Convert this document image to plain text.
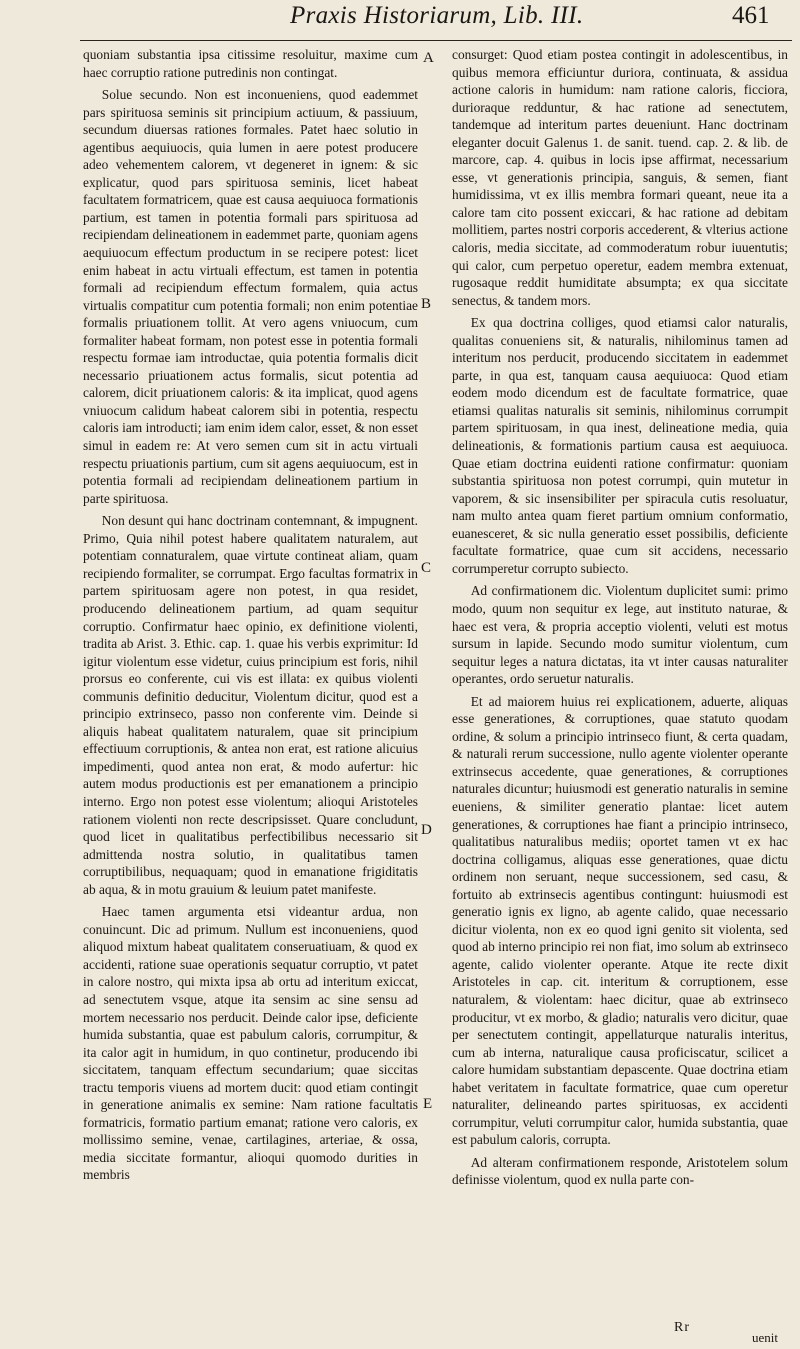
Praxis Historiarum, Lib. III.	461

quoniam substantia ipsa citissime resoluitur, maxime cum haec corruptio ratione putredinis non contingat.

Solue secundo. Non est inconueniens, quod eademmet pars spirituosa seminis sit principium actiuum, & passiuum, secundum diuersas rationes formales. Patet haec solutio in agentibus aequiuocis, quia lumen in aere potest producere adeo vehementem calorem, vt degeneret in ignem: & sic explicatur, quod pars spirituosa seminis, licet habeat facultatem formatricem, quae est causa aequiuoca formationis partium, est tamen in potentia formali pars spirituosa ad recipiendam delineationem in eademmet parte, quoniam agens aequiuocum effectum productum in se recipere potest: licet enim habeat in actu virtuali effectum, est tamen in potentia formali ad recipiendum effectum formalem, quia actus virtualis compatitur cum potentia formali; non enim potentiae formalis priuationem tollit. At vero agens vniuocum, cum formaliter habeat formam, non potest esse in potentia formali respectu formae iam introductae, quia potentia formalis dicit necessario priuationem actus formalis, sicut potentia ad calorem, dicit priuationem caloris: & ita implicat, quod agens vniuocum calidum habeat calorem sibi in potentia, respectu caloris iam introducti; iam enim idem calor, esset, & non esset simul in eadem re: At vero semen cum sit in actu virtuali respectu priuationis partium, cum sit agens aequiuocum, est in potentia formali ad recipiendam delineationem partium in parte spirituosa.

Non desunt qui hanc doctrinam contemnant, & impugnent. Primo, Quia nihil potest habere qualitatem naturalem, aut potentiam connaturalem, quae virtute contineat aliam, quam recipiendo formaliter, se corrumpat. Ergo facultas formatrix in partem spirituosam agere non potest, in qua residet, producendo delineationem partium, ad quam sequitur corruptio. Confirmatur haec opinio, ex definitione violenti, tradita ab Arist. 3. Ethic. cap. 1. quae his verbis exprimitur: Id igitur violentum esse videtur, cuius principium est foris, nihil prorsus eo conferente, cui vis est illata: ex quibus violenti communis definitio deducitur, Violentum dicitur, quod est a principio extrinseco, passo non conferente vim. Deinde si aliquis habeat qualitatem naturalem, quae sit principium effectiuum corruptionis, & antea non erat, est ratione alicuius impedimenti, quod antea non erat, & modo aufertur: hic autem modus productionis est per emanationem a principio interno. Ergo non potest esse violentum; alioqui Aristoteles rationem violenti non recte descripsisset. Quare concludunt, quod licet in qualitatibus perfectibilibus necessario sit admittenda nostra solutio, in qualitatibus tamen corruptibilibus, nequaquam; quod in emanatione frigiditatis ab aqua, & in motu grauium & leuium patet manifeste.

Haec tamen argumenta etsi videantur ardua, non conuincunt. Dic ad primum. Nullum est inconueniens, quod aliquod mixtum habeat qualitatem conseruatiuam, & quod ex accidenti, ratione suae operationis sequatur corruptio, vt patet in calore nostro, qui mixta ipsa ab ortu ad interitum exiccat, ad senectutem vsque, atque ita sensim ac sine sensu ad mortem necessario nos perducit. Deinde calor ipse, deficiente humida substantia, quae est pabulum caloris, corrumpitur, & ita calor agit in humidum, in quo continetur, producendo ibi siccitatem, tanquam effectum secundarium; quae siccitas tractu temporis viuens ad mortem ducit: quod etiam contingit in generatione animalis ex semine: Nam ratione facultatis formatricis, formatio partium emanat; ratione vero caloris, ex mollissimo semine, venae, cartilagines, arteriae, & ossa, media siccitate formantur, alioqui quomodo durities in membris

A
B
C
D
E

consurget: Quod etiam postea contingit in adolescentibus, in quibus memora efficiuntur duriora, continuata, & assidua actione caloris in humidum: nam ratione caloris, ficciora, durioraque redduntur, & hac ratione ad senectutem, tandemque ad interitum partes deueniunt. Hanc doctrinam eleganter docuit Galenus 1. de sanit. tuend. cap. 2. & lib. de marcore, cap. 4. quibus in locis ipse affirmat, necessarium esse, vt generationis principia, sanguis, & semen, fiant humidissima, vt ex illis membra formari queant, neue ita a calore tam cito possent exiccari, & hac ratione ad debitam mollitiem, partes nostri corporis accederent, & vlterius actione caloris, media siccitate, ad commoderatum robur iuuentutis; qui calor, cum perpetuo operetur, eadem membra extenuat, rugosaque reddit humiditate absumpta; ex qua siccitate senectus, & tandem mors.

Ex qua doctrina colliges, quod etiamsi calor naturalis, qualitas conueniens sit, & naturalis, nihilominus tamen ad interitum nos perducit, producendo siccitatem in eademmet parte, in qua est, tanquam causa aequiuoca: Quod etiam eodem modo dicendum est de facultate formatrice, quae etiamsi qualitas naturalis sit seminis, nihilominus corrumpit partem spirituosam, in qua inest, delineatione media, quia delineationis, & formationis partium causa est aequiuoca. Quae etiam doctrina euidenti ratione confirmatur: quoniam substantia spirituosa non potest corrumpi, quin mutetur in vaporem, & sic insensibiliter per spiracula cutis resoluatur, nam multo antea quam fieret partium omnium conformatio, euanesceret, & sic nulla generatio esset possibilis, deficiente facultate formatrice, quae cum sit accidens, necessario corrumperetur corrupto subiecto.

Ad confirmationem dic. Violentum duplicitet sumi: primo modo, quum non sequitur ex lege, aut instituto naturae, & haec est vera, & propria acceptio violenti, veluti est motus sursum in lapide. Secundo modo sumitur violentum, cum sequitur leges a natura dictatas, ita vt inter causas naturaliter operantes, ordo seruetur naturalis.

Et ad maiorem huius rei explicationem, aduerte, aliquas esse generationes, & corruptiones, quae statuto quodam ordine, & solum a principio intrinseco fiunt, & certa quadam, & naturali rerum successione, nullo agente violenter operante extrinsecus accedente, quae generationes, & corruptiones naturales dicuntur; huiusmodi est generatio naturalis in semine eueniens, & similiter generatio plantae: licet autem generationes, & corruptiones hae fiant a principio intrinseco, qualitatibus naturalibus mediis; oportet tamen vt ex hac doctrina colligamus, aliquas esse generationes, quae dictu ordinem non seruant, neque successionem, sed casu, & fortuito ab extrinsecis agentibus contingunt: huiusmodi est generatio ignis ex ligno, ab agente calido, quae necessario dicitur violenta, non ex eo quod igni genito sit violenta, sed quod ab interno principio rei non fiat, imo solum ab extrinseco agente, calido violenter operante. Atque ite recte dixit Aristoteles in cap. cit. interitum & corruptionem, esse naturalem, & violentam: haec dicitur, quae ab extrinseco producitur, vt ex morbo, & gladio; naturalis vero dicitur, quae per senectutem contingit, appellaturque naturalis interitus, cum ab interna, naturalique causa proficiscatur, scilicet a calore humidam substantiam depascente. Quae doctrina etiam habet veritatem in facultate formatrice, quae cum operetur naturaliter, delineando partes spirituosas, ex accidenti corrumpitur, veluti corrumpitur calor, humida substantia, quae est pabulum caloris, corrupta.

Ad alteram confirmationem responde, Aristotelem solum definisse violentum, quod ex nulla parte con-

Rr
uenit
